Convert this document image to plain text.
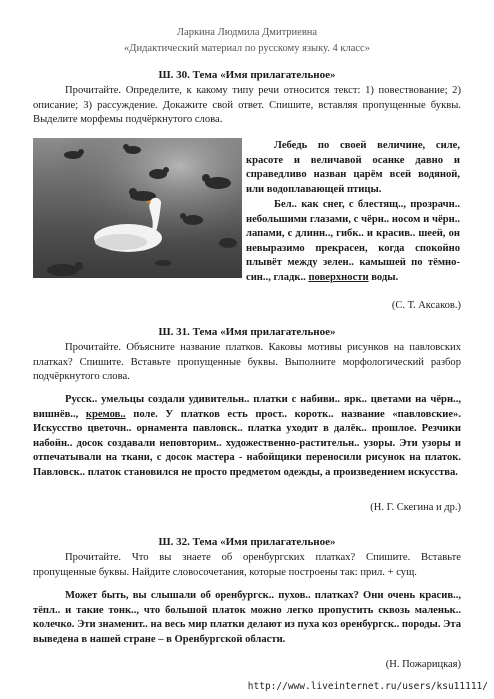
Ларкина Людмила Дмитриевна
«Дидактический материал по русскому языку. 4 класс»
Ш. 30. Тема «Имя прилагательное»
Прочитайте. Определите, к какому типу речи относится текст: 1) повествование; 2) описание; 3) рассуждение. Докажите свой ответ. Спишите, вставляя пропущенные буквы. Выделите морфемы подчёркнутого слова.
Лебедь по своей величине, силе, красоте и величавой осанке давно и справедливо назван царём всей водяной, или водоплавающей птицы.
Бел.. как снег, с блестящ.., прозрачн.. небольшими глазами, с чёрн.. носом и чёрн.. лапами, с длинн.., гибк.. и красив.. шеей, он невыразимо прекрасен, когда спокойно плывёт между зелен.. камышей по тёмно-син.., гладк.. поверхности воды.
(С. Т. Аксаков.)
Ш. 31. Тема «Имя прилагательное»
Прочитайте. Объясните название платков. Каковы мотивы рисунков на павловских платках? Спишите. Вставьте пропущенные буквы. Выполните морфологический разбор подчёркнутого слова.
Русск.. умельцы создали удивительн.. платки с набиви.. ярк.. цветами на чёрн.., вишнёв.., кремов.. поле. У платков есть прост.. коротк.. название «павловские». Искусство цветочн.. орнамента павловск.. платка уходит в далёк.. прошлое. Резчики набойн.. досок создавали неповторим.. художественно-растительн.. узоры. Эти узоры и отпечатывали на ткани, с досок мастера - набойщики переносили рисунок на платок. Павловск.. платок становился не просто предметом одежды, а произведением искусства.
(Н. Г. Скегина и др.)
Ш. 32. Тема «Имя прилагательное»
Прочитайте. Что вы знаете об оренбургских платках? Спишите. Вставьте пропущенные буквы. Найдите словосочетания, которые построены так: прил. + сущ.
Может быть, вы слышали об оренбургск.. пухов.. платках? Они очень красив.., тёпл.. и такие тонк.., что большой платок можно легко пропустить сквозь маленьк.. колечко. Эти знаменит.. на весь мир платки делают из пуха коз оренбургск.. породы. Эта выведена в нашей стране – в Оренбургской области.
(Н. Пожарицкая)
http://www.liveinternet.ru/users/ksu11111/
